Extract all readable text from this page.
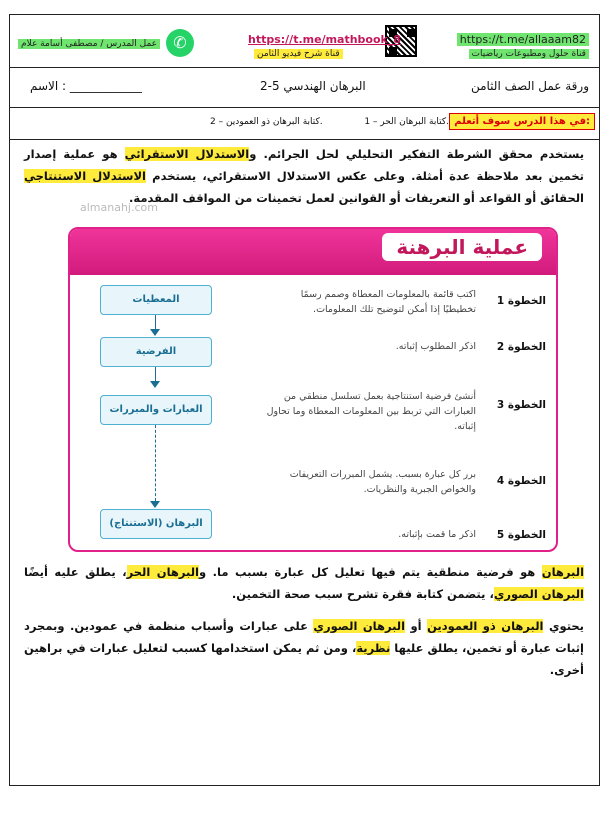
https://t.me/allaaam82
قناة حلول ومطبوعات رياضيات
https://t.me/mathbook_8
قناة شرح فيديو الثامن
✆
عمل المدرس / مصطفى أسامة علام
ورقة عمل الصف الثامن
2-5 البرهان الهندسي
الاسم : ____________
في هذا الدرس سوف أتعلم:
1 – كتابة البرهان الحر.
2 – كتابة البرهان ذو العمودين.
يستخدم محقق الشرطة التفكير التحليلي لحل الجرائم. والاستدلال الاستقرائي هو عملية إصدار تخمين بعد ملاحظة عدة أمثلة. وعلى عكس الاستدلال الاستقرائي، يستخدم الاستدلال الاستنتاجي الحقائق أو القواعد أو التعريفات أو القوانين لعمل تخمينات من المواقف المقدمة.
almanahj.com
عملية البرهنة
المعطيات
الفرضية
العبارات والمبررات
البرهان (الاستنتاج)
الخطوة 1
اكتب قائمة بالمعلومات المعطاة وصمم رسمًا تخطيطيًا إذا أمكن لتوضيح تلك المعلومات.
الخطوة 2
اذكر المطلوب إثباته.
الخطوة 3
أنشئ فرضية استنتاجية بعمل تسلسل منطقي من العبارات التي تربط بين المعلومات المعطاة وما تحاول إثباته.
الخطوة 4
برر كل عبارة بسبب. يشمل المبررات التعريفات والخواص الجبرية والنظريات.
الخطوة 5
اذكر ما قمت بإثباته.
البرهان هو فرضية منطقية يتم فيها تعليل كل عبارة بسبب ما. والبرهان الحر، يطلق عليه أيضًا البرهان الصوري، يتضمن كتابة فقرة تشرح سبب صحة التخمين.
يحتوي البرهان ذو العمودين أو البرهان الصوري على عبارات وأسباب منظمة في عمودين. وبمجرد إثبات عبارة أو تخمين، يطلق عليها نظرية، ومن ثم يمكن استخدامها كسبب لتعليل عبارات في براهين أخرى.
